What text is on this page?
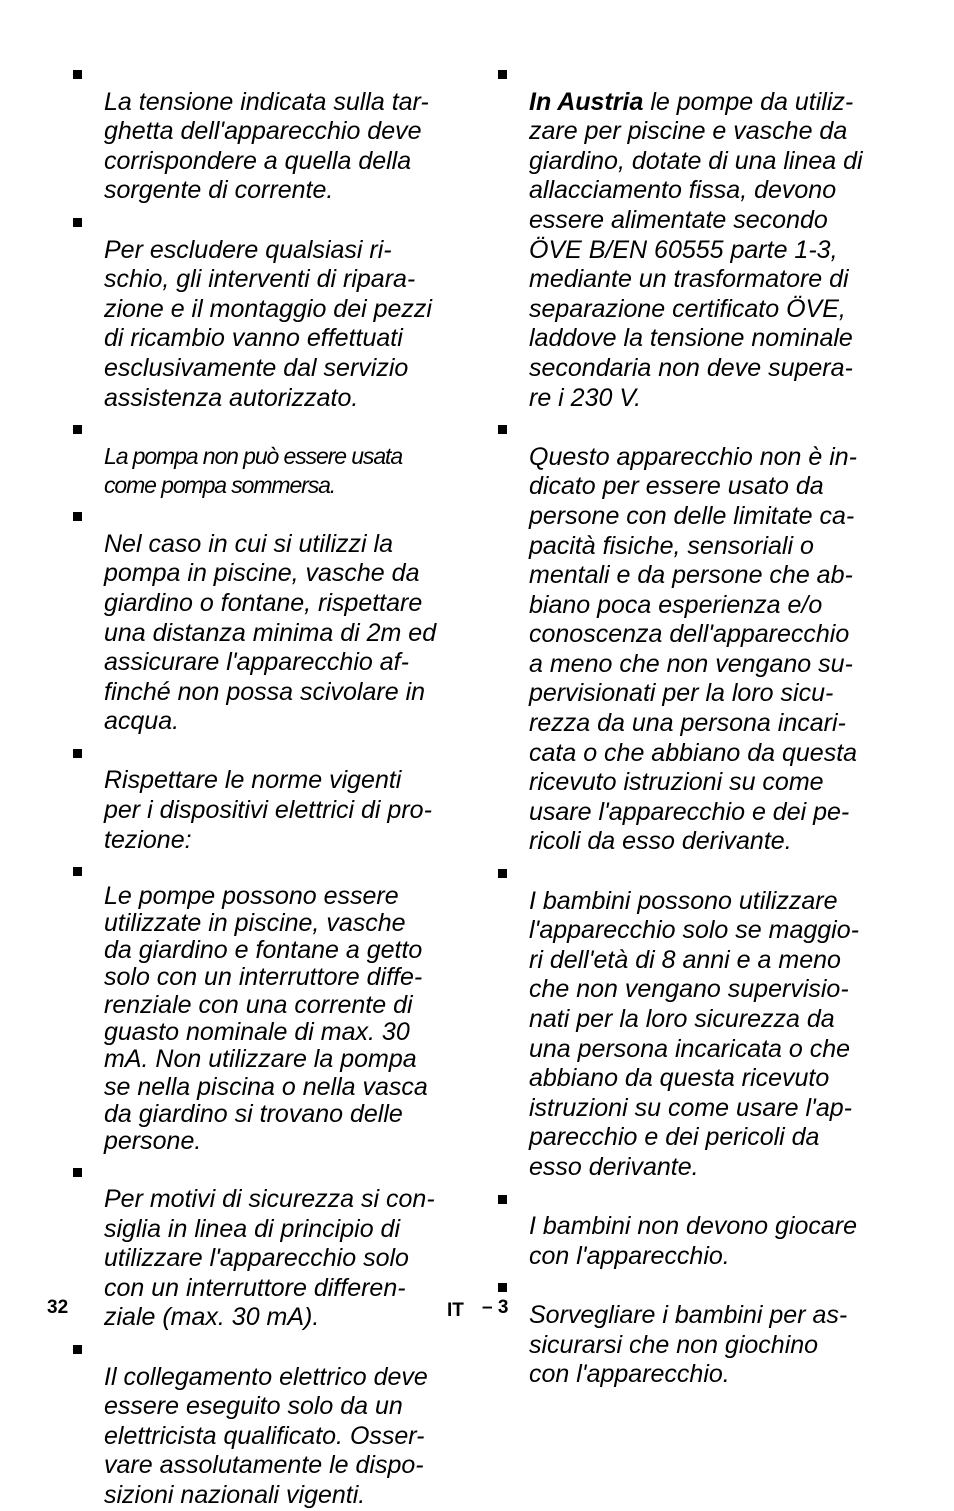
La tensione indicata sulla tar-
ghetta dell'apparecchio deve
corrispondere a quella della
sorgente di corrente.

Per escludere qualsiasi ri-
schio, gli interventi di ripara-
zione e il montaggio dei pezzi
di ricambio vanno effettuati
esclusivamente dal servizio
assistenza autorizzato.

La pompa non può essere usata
come pompa sommersa.

Nel caso in cui si utilizzi la
pompa in piscine, vasche da
giardino o fontane, rispettare
una distanza minima di 2m ed
assicurare l'apparecchio af-
finché non possa scivolare in
acqua.

Rispettare le norme vigenti
per i dispositivi elettrici di pro-
tezione:

Le pompe possono essere
utilizzate in piscine, vasche
da giardino e fontane a getto
solo con un interruttore diffe-
renziale con una corrente di
guasto nominale di max. 30
mA. Non utilizzare la pompa
se nella piscina o nella vasca
da giardino si trovano delle
persone.

Per motivi di sicurezza si con-
siglia in linea di principio di
utilizzare l'apparecchio solo
con un interruttore differen-
ziale (max. 30 mA).

Il collegamento elettrico deve
essere eseguito solo da un
elettricista qualificato. Osser-
vare assolutamente le dispo-
sizioni nazionali vigenti.

In Austria le pompe da utiliz-
zare per piscine e vasche da
giardino, dotate di una linea di
allacciamento fissa, devono
essere alimentate secondo
ÖVE B/EN 60555 parte 1-3,
mediante un trasformatore di
separazione certificato ÖVE,
laddove la tensione nominale
secondaria non deve supera-
re i 230 V.

Questo apparecchio non è in-
dicato per essere usato da
persone con delle limitate ca-
pacità fisiche, sensoriali o
mentali e da persone che ab-
biano poca esperienza e/o
conoscenza dell'apparecchio
a meno che non vengano su-
pervisionati per la loro sicu-
rezza da una persona incari-
cata o che abbiano da questa
ricevuto istruzioni su come
usare l'apparecchio e dei pe-
ricoli da esso derivante.

I bambini possono utilizzare
l'apparecchio solo se maggio-
ri dell'età di 8 anni e a meno
che non vengano supervisio-
nati per la loro sicurezza da
una persona incaricata o che
abbiano da questa ricevuto
istruzioni su come usare l'ap-
parecchio e dei pericoli da
esso derivante.

I bambini non devono giocare
con l'apparecchio.

Sorvegliare i bambini per as-
sicurarsi che non giochino
con l'apparecchio.

32	IT – 3
